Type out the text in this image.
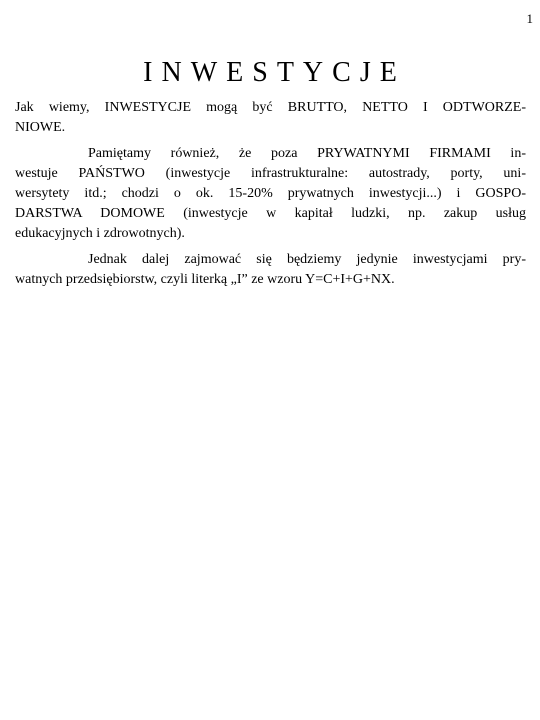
1
INWESTYCJE
Jak wiemy, INWESTYCJE mogą być BRUTTO, NETTO I ODTWORZE-
NIOWE.
Pamiętamy również, że poza PRYWATNYMI FIRMAMI in-
westuje PAŃSTWO (inwestycje infrastrukturalne: autostrady, porty, uni-
wersytety itd.; chodzi o ok. 15-20% prywatnych inwestycji...) i GOSPO-
DARSTWA DOMOWE (inwestycje w kapitał ludzki, np. zakup usług
edukacyjnych i zdrowotnych).
Jednak dalej zajmować się będziemy jedynie inwestycjami pry-
watnych przedsiębiorstw, czyli literką „I” ze wzoru Y=C+I+G+NX.
